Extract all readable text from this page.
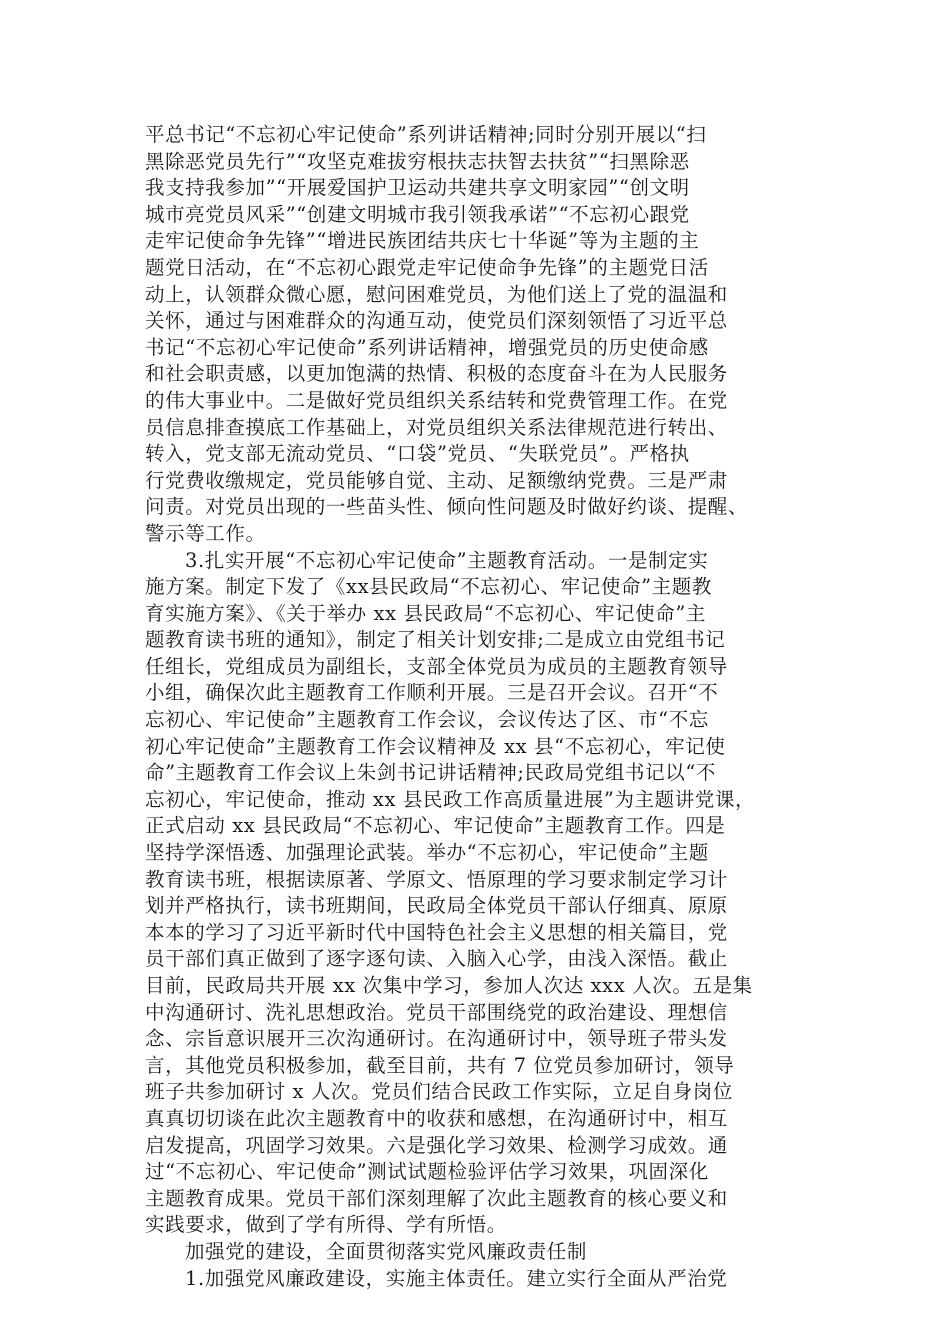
平总书记“不忘初心牢记使命”系列讲话精神;同时分别开展以“扫
黑除恶党员先行”“攻坚克难拔穷根扶志扶智去扶贫”“扫黑除恶
我支持我参加”“开展爱国护卫运动共建共享文明家园”“创文明
城市亮党员风采”“创建文明城市我引领我承诺”“不忘初心跟党
走牢记使命争先锋”“增进民族团结共庆七十华诞”等为主题的主
题党日活动，在“不忘初心跟党走牢记使命争先锋”的主题党日活
动上，认领群众微心愿，慰问困难党员，为他们送上了党的温温和
关怀，通过与困难群众的沟通互动，使党员们深刻领悟了习近平总
书记“不忘初心牢记使命”系列讲话精神，增强党员的历史使命感
和社会职责感，以更加饱满的热情、积极的态度奋斗在为人民服务
的伟大事业中。二是做好党员组织关系结转和党费管理工作。在党
员信息排查摸底工作基础上，对党员组织关系法律规范进行转出、
转入，党支部无流动党员、“口袋”党员、“失联党员”。严格执
行党费收缴规定，党员能够自觉、主动、足额缴纳党费。三是严肃
问责。对党员出现的一些苗头性、倾向性问题及时做好约谈、提醒、
警示等工作。
3.扎实开展“不忘初心牢记使命”主题教育活动。一是制定实
施方案。制定下发了《xx县民政局“不忘初心、牢记使命”主题教
育实施方案》、《关于举办 xx 县民政局“不忘初心、牢记使命”主
题教育读书班的通知》，制定了相关计划安排;二是成立由党组书记
任组长，党组成员为副组长，支部全体党员为成员的主题教育领导
小组，确保次此主题教育工作顺利开展。三是召开会议。召开“不
忘初心、牢记使命”主题教育工作会议，会议传达了区、市“不忘
初心牢记使命”主题教育工作会议精神及 xx 县“不忘初心，牢记使
命”主题教育工作会议上朱剑书记讲话精神;民政局党组书记以“不
忘初心，牢记使命，推动 xx 县民政工作高质量进展”为主题讲党课，
正式启动 xx 县民政局“不忘初心、牢记使命”主题教育工作。四是
坚持学深悟透、加强理论武装。举办“不忘初心，牢记使命”主题
教育读书班，根据读原著、学原文、悟原理的学习要求制定学习计
划并严格执行，读书班期间，民政局全体党员干部认仔细真、原原
本本的学习了习近平新时代中国特色社会主义思想的相关篇目，党
员干部们真正做到了逐字逐句读、入脑入心学，由浅入深悟。截止
目前，民政局共开展 xx 次集中学习，参加人次达 xxx 人次。五是集
中沟通研讨、洗礼思想政治。党员干部围绕党的政治建设、理想信
念、宗旨意识展开三次沟通研讨。在沟通研讨中，领导班子带头发
言，其他党员积极参加，截至目前，共有 7 位党员参加研讨，领导
班子共参加研讨 x 人次。党员们结合民政工作实际，立足自身岗位
真真切切谈在此次主题教育中的收获和感想，在沟通研讨中，相互
启发提高，巩固学习效果。六是强化学习效果、检测学习成效。通
过“不忘初心、牢记使命”测试试题检验评估学习效果，巩固深化
主题教育成果。党员干部们深刻理解了次此主题教育的核心要义和
实践要求，做到了学有所得、学有所悟。
加强党的建设，全面贯彻落实党风廉政责任制
1.加强党风廉政建设，实施主体责任。建立实行全面从严治党
